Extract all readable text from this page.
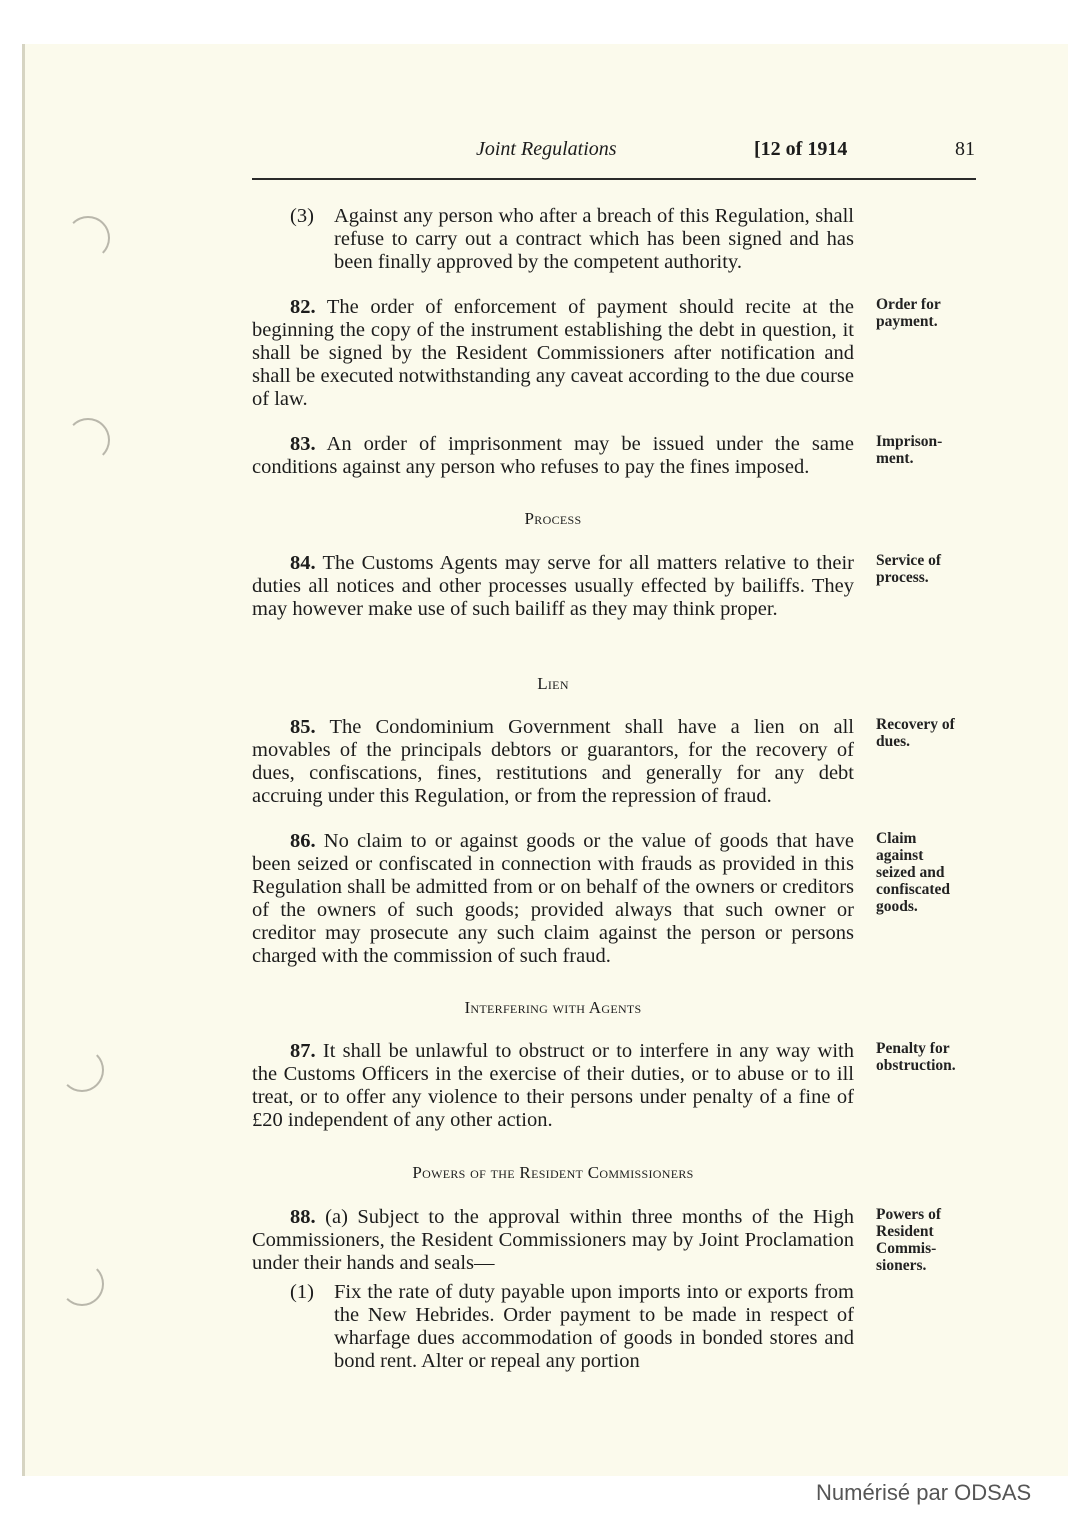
Joint Regulations	[12 of 1914	81
(3) Against any person who after a breach of this Regulation, shall refuse to carry out a contract which has been signed and has been finally approved by the competent authority.

82. The order of enforcement of payment should recite at the beginning the copy of the instrument establishing the debt in question, it shall be signed by the Resident Commissioners after notification and shall be executed notwithstanding any caveat according to the due course of law.

Order for payment.

83. An order of imprisonment may be issued under the same conditions against any person who refuses to pay the fines imposed.

Imprison-ment.
Process

84. The Customs Agents may serve for all matters relative to their duties all notices and other processes usually effected by bailiffs. They may however make use of such bailiff as they may think proper.

Service of process.
Lien

85. The Condominium Government shall have a lien on all movables of the principals debtors or guarantors, for the recovery of dues, confiscations, fines, restitutions and generally for any debt accruing under this Regulation, or from the repression of fraud.

Recovery of dues.

86. No claim to or against goods or the value of goods that have been seized or confiscated in connection with frauds as provided in this Regulation shall be admitted from or on behalf of the owners or creditors of the owners of such goods; provided always that such owner or creditor may prosecute any such claim against the person or persons charged with the commission of such fraud.

Claim against seized and confiscated goods.
Interfering with Agents

87. It shall be unlawful to obstruct or to interfere in any way with the Customs Officers in the exercise of their duties, or to abuse or to ill treat, or to offer any violence to their persons under penalty of a fine of £20 independent of any other action.

Penalty for obstruction.
Powers of the Resident Commissioners

88. (a) Subject to the approval within three months of the High Commissioners, the Resident Commissioners may by Joint Proclamation under their hands and seals—

Powers of Resident Commis-sioners.
(1) Fix the rate of duty payable upon imports into or exports from the New Hebrides. Order payment to be made in respect of wharfage dues accommodation of goods in bonded stores and bond rent. Alter or repeal any portion
Numérisé par ODSAS
